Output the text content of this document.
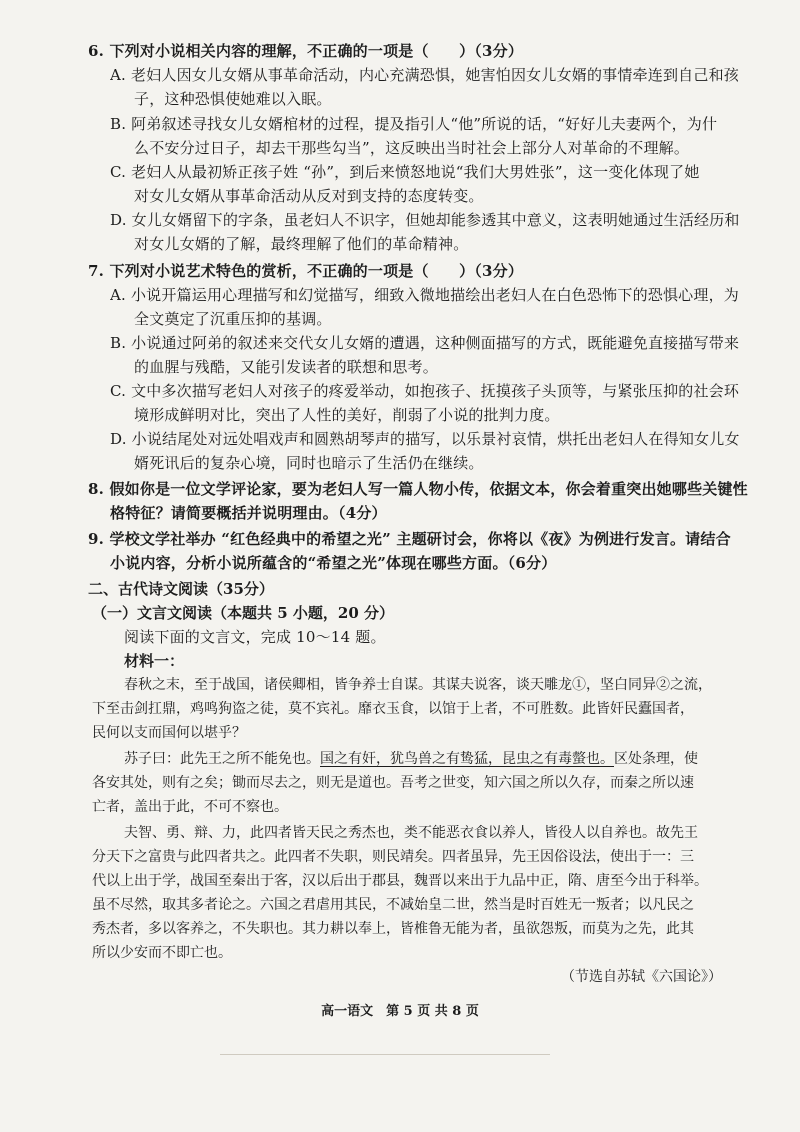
6. 下列对小说相关内容的理解，不正确的一项是（　　）（3分）
A. 老妇人因女儿女婿从事革命活动，内心充满恐惧，她害怕因女儿女婿的事情牵连到自己和孩
子，这种恐惧使她难以入眠。
B. 阿弟叙述寻找女儿女婿棺材的过程，提及指引人“他”所说的话，“好好儿夫妻两个，为什
么不安分过日子，却去干那些勾当”，这反映出当时社会上部分人对革命的不理解。
C. 老妇人从最初矫正孩子姓 “孙”，到后来愤怒地说“我们大男姓张”，这一变化体现了她
对女儿女婿从事革命活动从反对到支持的态度转变。
D. 女儿女婿留下的字条，虽老妇人不识字，但她却能参透其中意义，这表明她通过生活经历和
对女儿女婿的了解，最终理解了他们的革命精神。
7. 下列对小说艺术特色的赏析，不正确的一项是（　　）（3分）
A. 小说开篇运用心理描写和幻觉描写，细致入微地描绘出老妇人在白色恐怖下的恐惧心理，为
全文奠定了沉重压抑的基调。
B. 小说通过阿弟的叙述来交代女儿女婿的遭遇，这种侧面描写的方式，既能避免直接描写带来
的血腥与残酷，又能引发读者的联想和思考。
C. 文中多次描写老妇人对孩子的疼爱举动，如抱孩子、抚摸孩子头顶等，与紧张压抑的社会环
境形成鲜明对比，突出了人性的美好，削弱了小说的批判力度。
D. 小说结尾处对远处唱戏声和圆熟胡琴声的描写，以乐景衬哀情，烘托出老妇人在得知女儿女
婿死讯后的复杂心境，同时也暗示了生活仍在继续。
8. 假如你是一位文学评论家，要为老妇人写一篇人物小传，依据文本，你会着重突出她哪些关键性
格特征？请简要概括并说明理由。（4分）
9. 学校文学社举办 “红色经典中的希望之光” 主题研讨会，你将以《夜》为例进行发言。请结合
小说内容，分析小说所蕴含的“希望之光”体现在哪些方面。（6分）
二、古代诗文阅读（35分）
（一）文言文阅读（本题共 5 小题，20 分）
阅读下面的文言文，完成 10～14 题。
材料一：
春秋之末，至于战国，诸侯卿相，皆争养士自谋。其谋夫说客，谈天雕龙①，坚白同异②之流，
下至击剑扛鼎，鸡鸣狗盗之徒，莫不宾礼。靡衣玉食，以馆于上者，不可胜数。此皆奸民蠹国者，
民何以支而国何以堪乎？
苏子曰：此先王之所不能免也。国之有奸，犹鸟兽之有鸷猛，昆虫之有毒螫也。区处条理，使
各安其处，则有之矣；锄而尽去之，则无是道也。吾考之世变，知六国之所以久存，而秦之所以速
亡者，盖出于此，不可不察也。
夫智、勇、辩、力，此四者皆天民之秀杰也，类不能恶衣食以养人，皆役人以自养也。故先王
分天下之富贵与此四者共之。此四者不失职，则民靖矣。四者虽异，先王因俗设法，使出于一：三
代以上出于学，战国至秦出于客，汉以后出于郡县，魏晋以来出于九品中正，隋、唐至今出于科举。
虽不尽然，取其多者论之。六国之君虐用其民，不减始皇二世，然当是时百姓无一叛者；以凡民之
秀杰者，多以客养之，不失职也。其力耕以奉上，皆椎鲁无能为者，虽欲怨叛，而莫为之先，此其
所以少安而不即亡也。
（节选自苏轼《六国论》）
高一语文　第 5 页 共 8 页
